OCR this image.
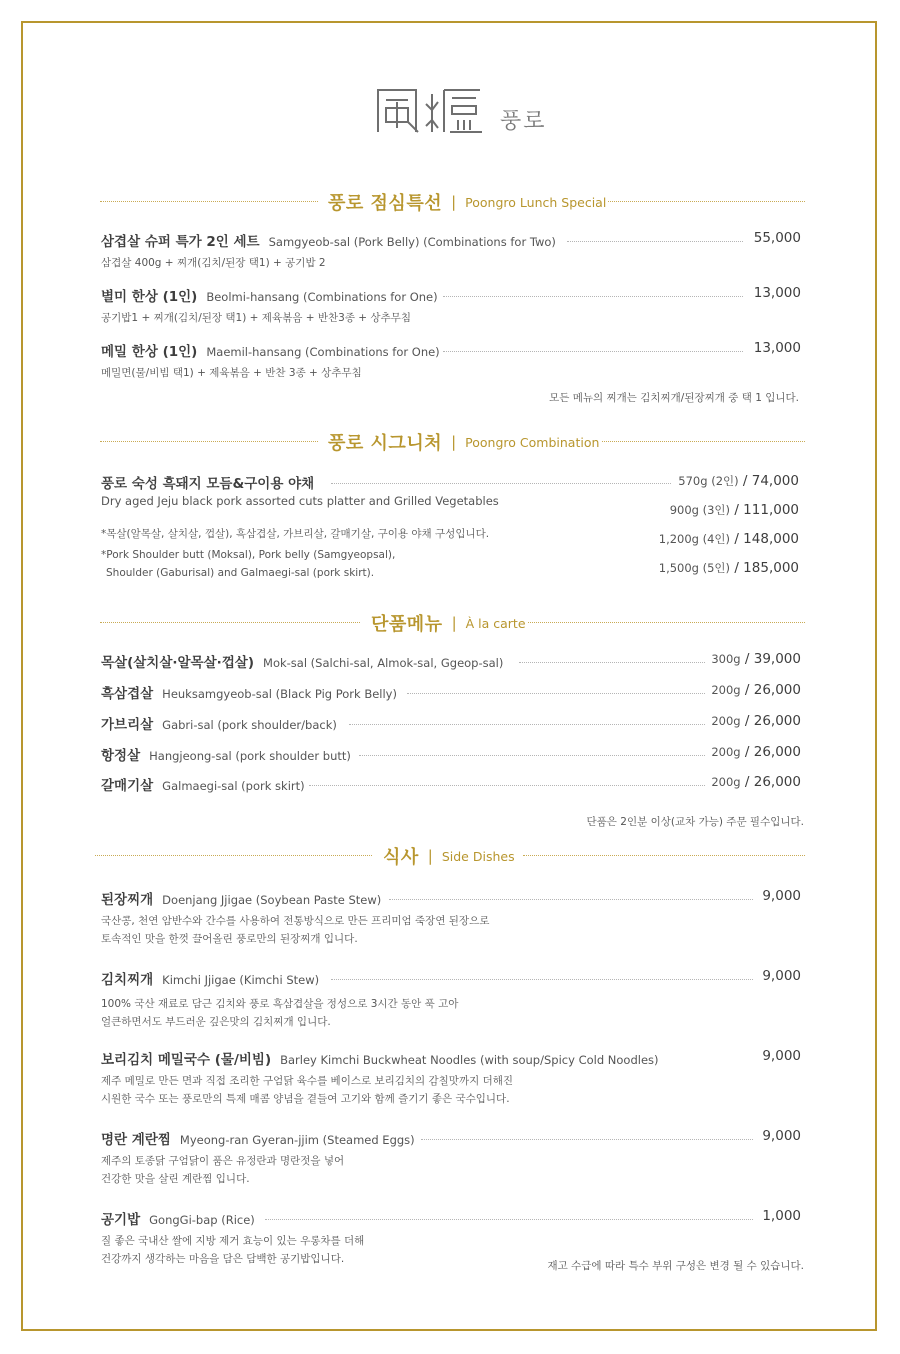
풍로
풍로 점심특선 | Poongro Lunch Special
삼겹살 슈퍼 특가 2인 세트 Samgyeob-sal (Pork Belly) (Combinations for Two)	55,000
삼겹살 400g + 찌개(김치/된장 택1) + 공기밥 2
별미 한상 (1인) Beolmi-hansang (Combinations for One)	13,000
공기밥1 + 찌개(김치/된장 택1) + 제육볶음 + 반찬3종 + 상추무침
메밀 한상 (1인) Maemil-hansang (Combinations for One)	13,000
메밀면(물/비빔 택1) + 제육볶음 + 반찬 3종 + 상추무침
모든 메뉴의 찌개는 김치찌개/된장찌개 중 택 1 입니다.
풍로 시그니처 | Poongro Combination
풍로 숙성 흑돼지 모듬&구이용 야채
Dry aged Jeju black pork assorted cuts platter and Grilled Vegetables
*목살(알목살, 살치살, 껍살), 흑삼겹살, 가브리살, 갈매기살, 구이용 야채 구성입니다.
*Pork Shoulder butt (Moksal), Pork belly (Samgyeopsal),
Shoulder (Gaburisal) and Galmaegi-sal (pork skirt).
570g (2인) / 74,000
900g (3인) / 111,000
1,200g (4인) / 148,000
1,500g (5인) / 185,000
단품메뉴 | À la carte
목살(살치살·알목살·껍살) Mok-sal (Salchi-sal, Almok-sal, Ggeop-sal)	300g / 39,000
흑삼겹살 Heuksamgyeob-sal (Black Pig Pork Belly)	200g / 26,000
가브리살 Gabri-sal (pork shoulder/back)	200g / 26,000
항정살 Hangjeong-sal (pork shoulder butt)	200g / 26,000
갈매기살 Galmaegi-sal (pork skirt)	200g / 26,000
단품은 2인분 이상(교차 가능) 주문 필수입니다.
식사 | Side Dishes
된장찌개 Doenjang Jjigae (Soybean Paste Stew)	9,000
국산콩, 천연 암반수와 간수를 사용하여 전통방식으로 만든 프리미엄 죽장연 된장으로
토속적인 맛을 한껏 끌어올린 풍로만의 된장찌개 입니다.
김치찌개 Kimchi Jjigae (Kimchi Stew)	9,000
100% 국산 재료로 담근 김치와 풍로 흑삼겹살을 정성으로 3시간 동안 푹 고아
얼큰하면서도 부드러운 깊은맛의 김치찌개 입니다.
보리김치 메밀국수 (물/비빔) Barley Kimchi Buckwheat Noodles (with soup/Spicy Cold Noodles)	9,000
제주 메밀로 만든 면과 직접 조리한 구엄닭 육수를 베이스로 보리김치의 감칠맛까지 더해진
시원한 국수 또는 풍로만의 특제 매콤 양념을 곁들여 고기와 함께 즐기기 좋은 국수입니다.
명란 계란찜 Myeong-ran Gyeran-jjim (Steamed Eggs)	9,000
제주의 토종닭 구엄닭이 품은 유정란과 명란젓을 넣어
건강한 맛을 살린 계란찜 입니다.
공기밥 GongGi-bap (Rice)	1,000
질 좋은 국내산 쌀에 지방 제거 효능이 있는 우롱차를 더해
건강까지 생각하는 마음을 담은 담백한 공기밥입니다.
재고 수급에 따라 특수 부위 구성은 변경 될 수 있습니다.
